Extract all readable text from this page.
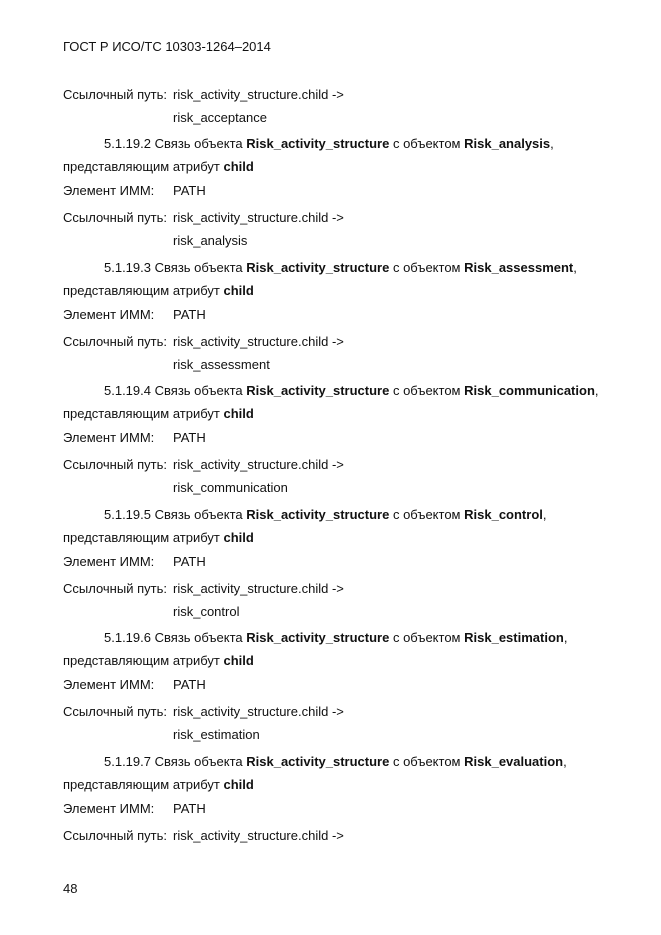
ГОСТ Р ИСО/ТС 10303-1264–2014
Ссылочный путь: risk_activity_structure.child ->
risk_acceptance
5.1.19.2 Связь объекта Risk_activity_structure с объектом Risk_analysis,
представляющим атрибут child
Элемент ИММ: PATH
Ссылочный путь: risk_activity_structure.child ->
risk_analysis
5.1.19.3 Связь объекта Risk_activity_structure с объектом Risk_assessment,
представляющим атрибут child
Элемент ИММ: PATH
Ссылочный путь: risk_activity_structure.child ->
risk_assessment
5.1.19.4 Связь объекта Risk_activity_structure с объектом Risk_communication,
представляющим атрибут child
Элемент ИММ: PATH
Ссылочный путь: risk_activity_structure.child ->
risk_communication
5.1.19.5 Связь объекта Risk_activity_structure с объектом Risk_control,
представляющим атрибут child
Элемент ИММ: PATH
Ссылочный путь: risk_activity_structure.child ->
risk_control
5.1.19.6 Связь объекта Risk_activity_structure с объектом Risk_estimation,
представляющим атрибут child
Элемент ИММ: PATH
Ссылочный путь: risk_activity_structure.child ->
risk_estimation
5.1.19.7 Связь объекта Risk_activity_structure с объектом Risk_evaluation,
представляющим атрибут child
Элемент ИММ: PATH
Ссылочный путь: risk_activity_structure.child ->
48
